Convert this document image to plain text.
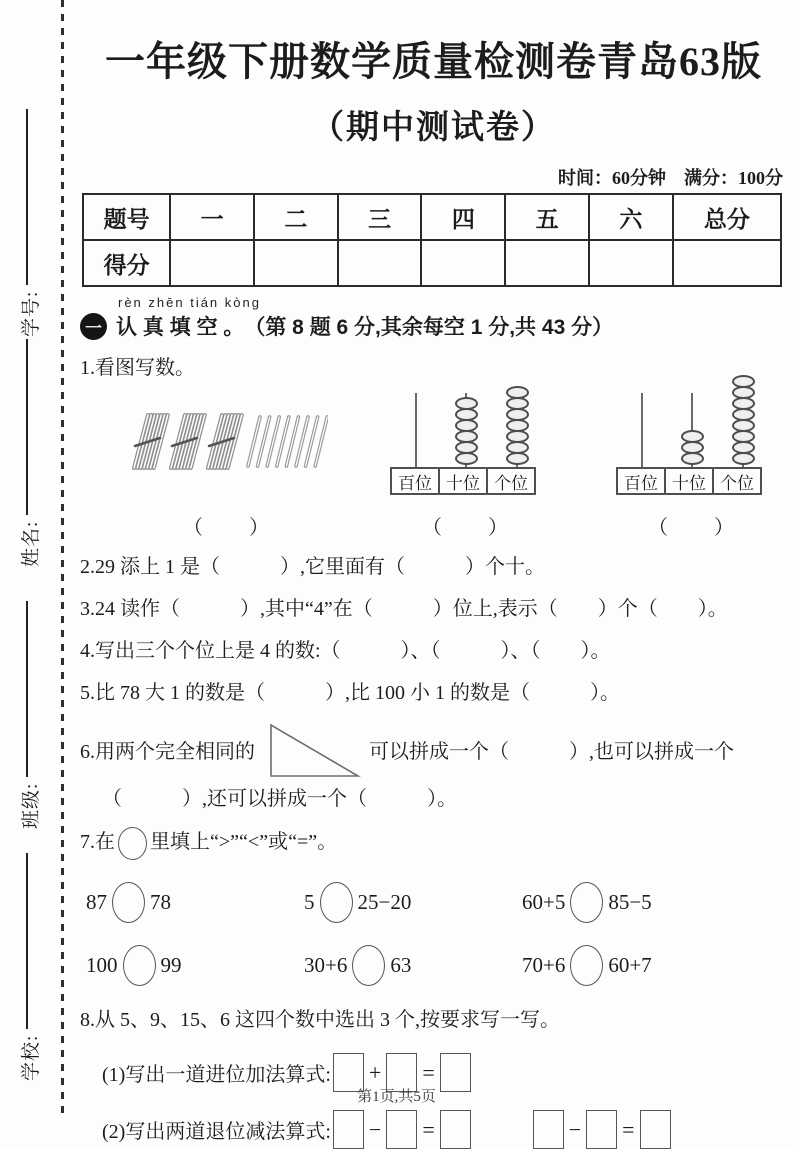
学号:
姓名:
班级:
学校:
一年级下册数学质量检测卷青岛63版
（期中测试卷）
时间：60分钟　满分：100分
题号	一	二	三	四	五	六	总分
得分							
rèn zhēn tián kòng
一 认 真 填 空 。 （第 8 题 6 分,其余每空 1 分,共 43 分）
1.看图写数。
（　　）
百位 十位 个位
（　　）
百位 十位 个位
（　　）
2.29 添上 1 是（　　　）,它里面有（　　　）个十。
3.24 读作（　　　）,其中“4”在（　　　）位上,表示（　　）个（　　）。
4.写出三个个位上是 4 的数:（　　　）、（　　　）、（　　）。
5.比 78 大 1 的数是（　　　）,比 100 小 1 的数是（　　　）。
6.用两个完全相同的	可以拼成一个（　　　）,也可以拼成一个
（　　　）,还可以拼成一个（　　　）。
7.在 里填上“>”“<”或“=”。
87 78	5 25−20	60+5 85−5
100 99	30+6 63	70+6 60+7
8.从 5、9、15、6 这四个数中选出 3 个,按要求写一写。
(1)写出一道进位加法算式: + =
(2)写出两道退位减法算式: − =	− =
第1页,共5页
